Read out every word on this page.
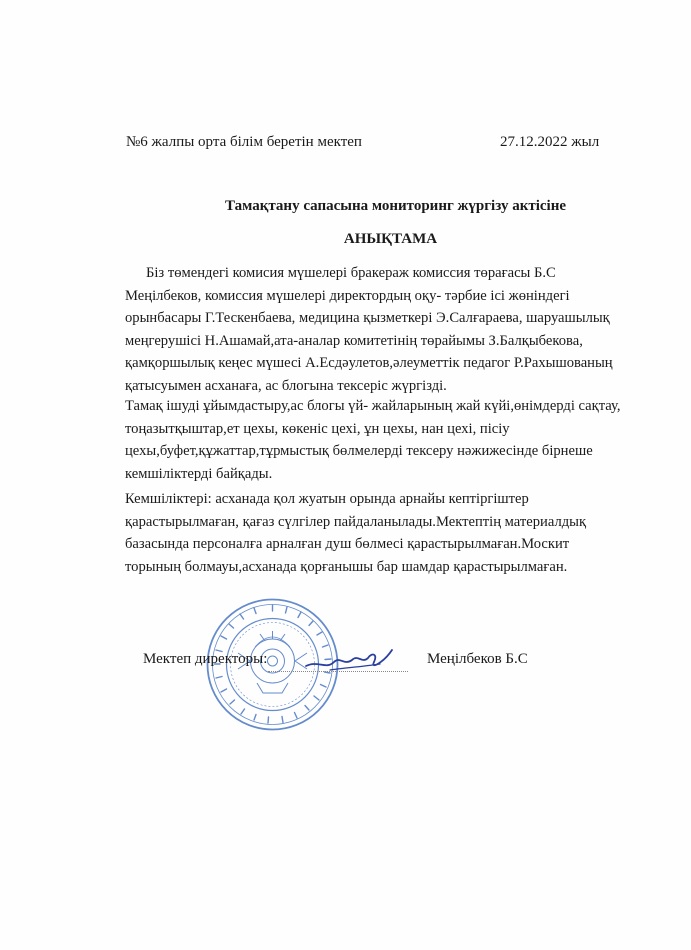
№6 жалпы орта білім беретін мектеп	27.12.2022 жыл
Тамақтану сапасына мониторинг жүргізу актісіне
АНЫҚТАМА

Біз төмендегі комисия мүшелері бракераж комиссия төрағасы Б.С Меңілбеков, комиссия мүшелері директордың оқу- тәрбие ісі жөніндегі орынбасары Г.Тескенбаева, медицина қызметкері Э.Салғараева, шаруашылық меңгерушісі Н.Ашамай,ата-аналар комитетінің төрайымы З.Балқыбекова, қамқоршылық кеңес мүшесі А.Есдәулетов,әлеуметтік педагог Р.Рахышованың қатысуымен асханаға, ас блогына тексеріс жүргізді.

Тамақ ішуді ұйымдастыру,ас блогы үй- жайларының жай күйі,өнімдерді сақтау, тоңазытқыштар,ет цехы, көкеніс цехі, ұн цехы, нан цехі, пісіу цехы,буфет,құжаттар,тұрмыстық бөлмелерді тексеру нәжижесінде бірнеше кемшіліктерді байқады.

Кемшіліктері: асханада қол жуатын орында арнайы кептіргіштер қарастырылмаған, қағаз сүлгілер пайдаланылады.Мектептің материалдық базасында персоналға арналған душ бөлмесі қарастырылмаған.Москит торының болмауы,асханада қорғанышы бар шамдар қарастырылмаған.

Мектеп директоры:	Меңілбеков Б.С
